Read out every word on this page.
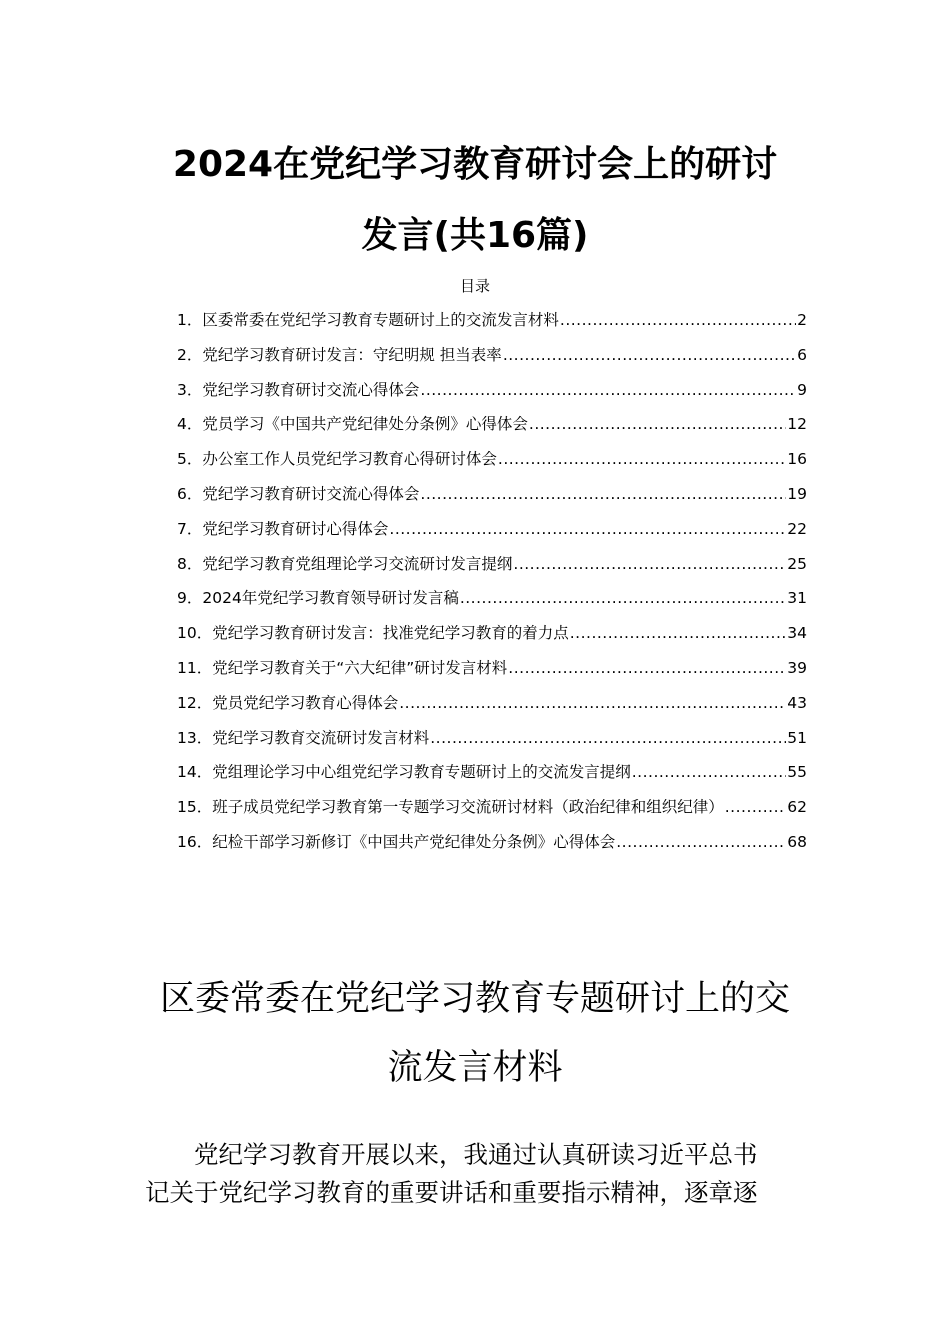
2024在党纪学习教育研讨会上的研讨
发言(共16篇)
目录
1．区委常委在党纪学习教育专题研讨上的交流发言材料 .....	2
2．党纪学习教育研讨发言：守纪明规 担当表率 .....	6
3．党纪学习教育研讨交流心得体会 .....	9
4．党员学习《中国共产党纪律处分条例》心得体会 .....	12
5．办公室工作人员党纪学习教育心得研讨体会 .....	16
6．党纪学习教育研讨交流心得体会 .....	19
7．党纪学习教育研讨心得体会 .....	22
8．党纪学习教育党组理论学习交流研讨发言提纲 .....	25
9．2024年党纪学习教育领导研讨发言稿 .....	31
10．党纪学习教育研讨发言：找准党纪学习教育的着力点 .....	34
11．党纪学习教育关于“六大纪律”研讨发言材料 .....	39
12．党员党纪学习教育心得体会 .....	43
13．党纪学习教育交流研讨发言材料 .....	51
14．党组理论学习中心组党纪学习教育专题研讨上的交流发言提纲 .....	55
15．班子成员党纪学习教育第一专题学习交流研讨材料（政治纪律和组织纪律） .....	62
16．纪检干部学习新修订《中国共产党纪律处分条例》心得体会 .....	68
区委常委在党纪学习教育专题研讨上的交
流发言材料
党纪学习教育开展以来，我通过认真研读习近平总书
记关于党纪学习教育的重要讲话和重要指示精神，逐章逐
